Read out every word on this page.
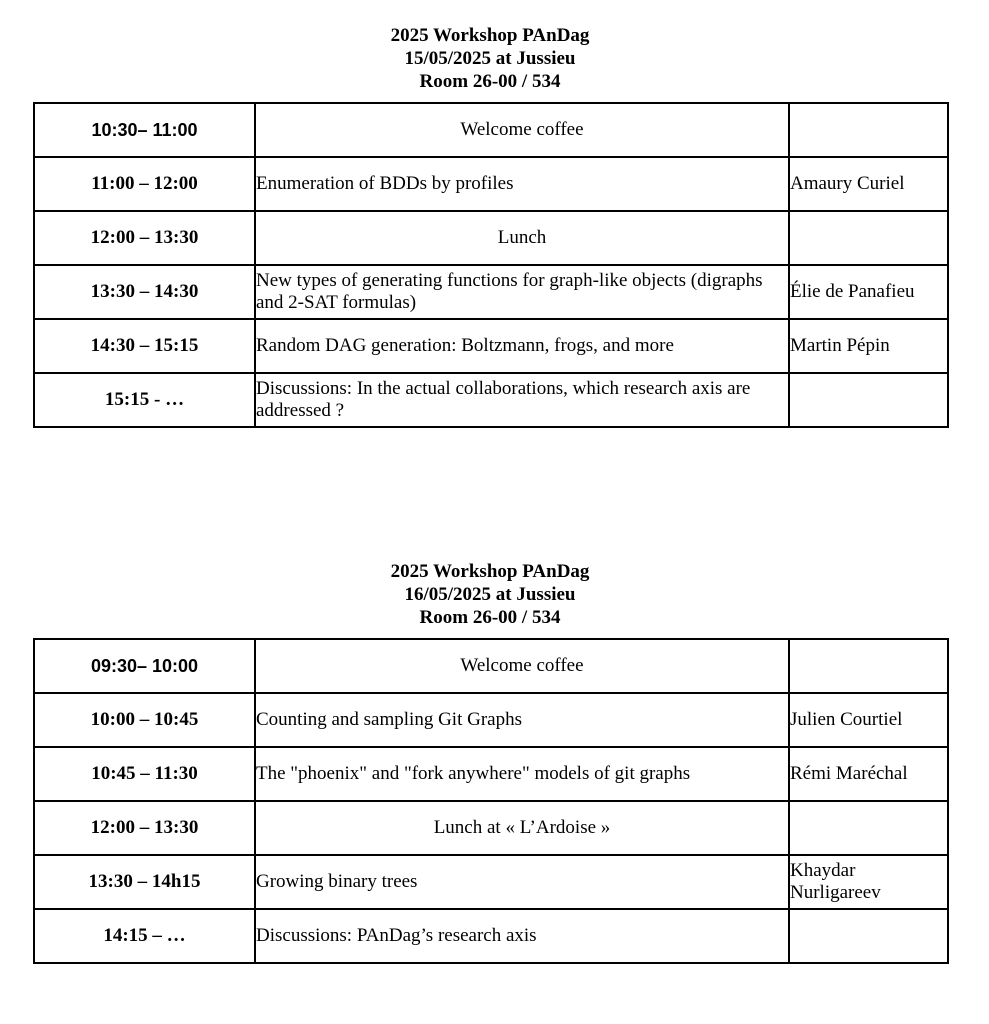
2025 Workshop PAnDag
15/05/2025 at Jussieu
Room 26-00 / 534
10:30– 11:00	Welcome coffee	
11:00 – 12:00	Enumeration of BDDs by profiles	Amaury Curiel
12:00 – 13:30	Lunch	
13:30 – 14:30	New types of generating functions for graph-like objects (digraphs and 2-SAT formulas)	Élie de Panafieu
14:30 – 15:15	Random DAG generation: Boltzmann, frogs, and more	Martin Pépin
15:15 - …	Discussions: In the actual collaborations, which research axis are addressed ?	
2025 Workshop PAnDag
16/05/2025 at Jussieu
Room 26-00 / 534
09:30– 10:00	Welcome coffee	
10:00 – 10:45	Counting and sampling Git Graphs	Julien Courtiel
10:45 – 11:30	The "phoenix" and "fork anywhere" models of git graphs	Rémi Maréchal
12:00 – 13:30	Lunch at « L’Ardoise »	
13:30 – 14h15	Growing binary trees	Khaydar Nurligareev
14:15 – …	Discussions: PAnDag’s research axis	
